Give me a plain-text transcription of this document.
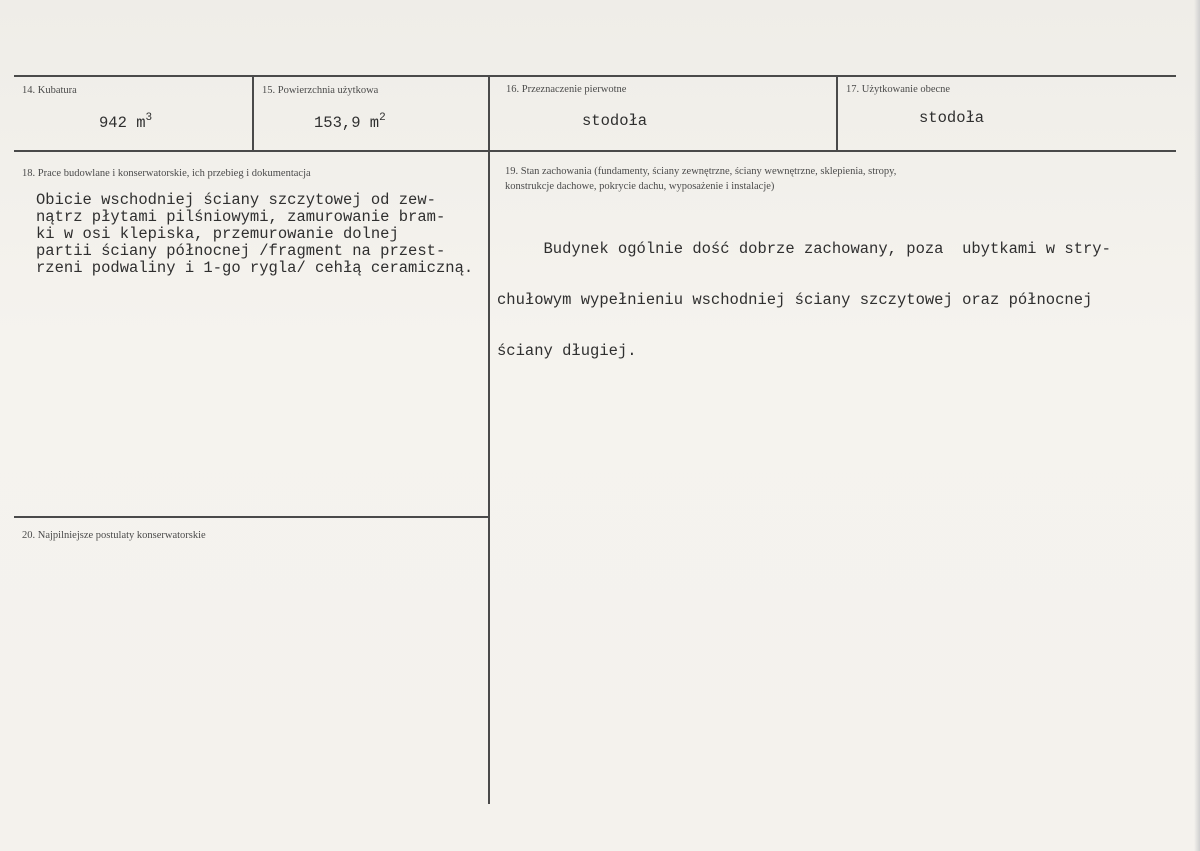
14. Kubatura
942 $m^3$
15. Powierzchnia użytkowa
153,9 $m^2$
16. Przeznaczenie pierwotne
stodoła
17. Użytkowanie obecne
stodoła
18. Prace budowlane i konserwatorskie, ich przebieg i dokumentacja
Obicie wschodniej ściany szczytowej od zew-
nątrz płytami pilśniowymi, zamurowanie bram-
ki w osi klepiska, przemurowanie dolnej
partii ściany północnej /fragment na przest-
rzeni podwaliny i 1-go rygla/ cehłą ceramiczną.
19. Stan zachowania (fundamenty, ściany zewnętrzne, ściany wewnętrzne, sklepienia, stropy,
konstrukcje dachowe, pokrycie dachu, wyposażenie i instalacje)

Budynek ogólnie dość dobrze zachowany, poza  ubytkami w stry-

chułowym wypełnieniu wschodniej ściany szczytowej oraz północnej

ściany długiej.

20. Najpilniejsze postulaty konserwatorskie
